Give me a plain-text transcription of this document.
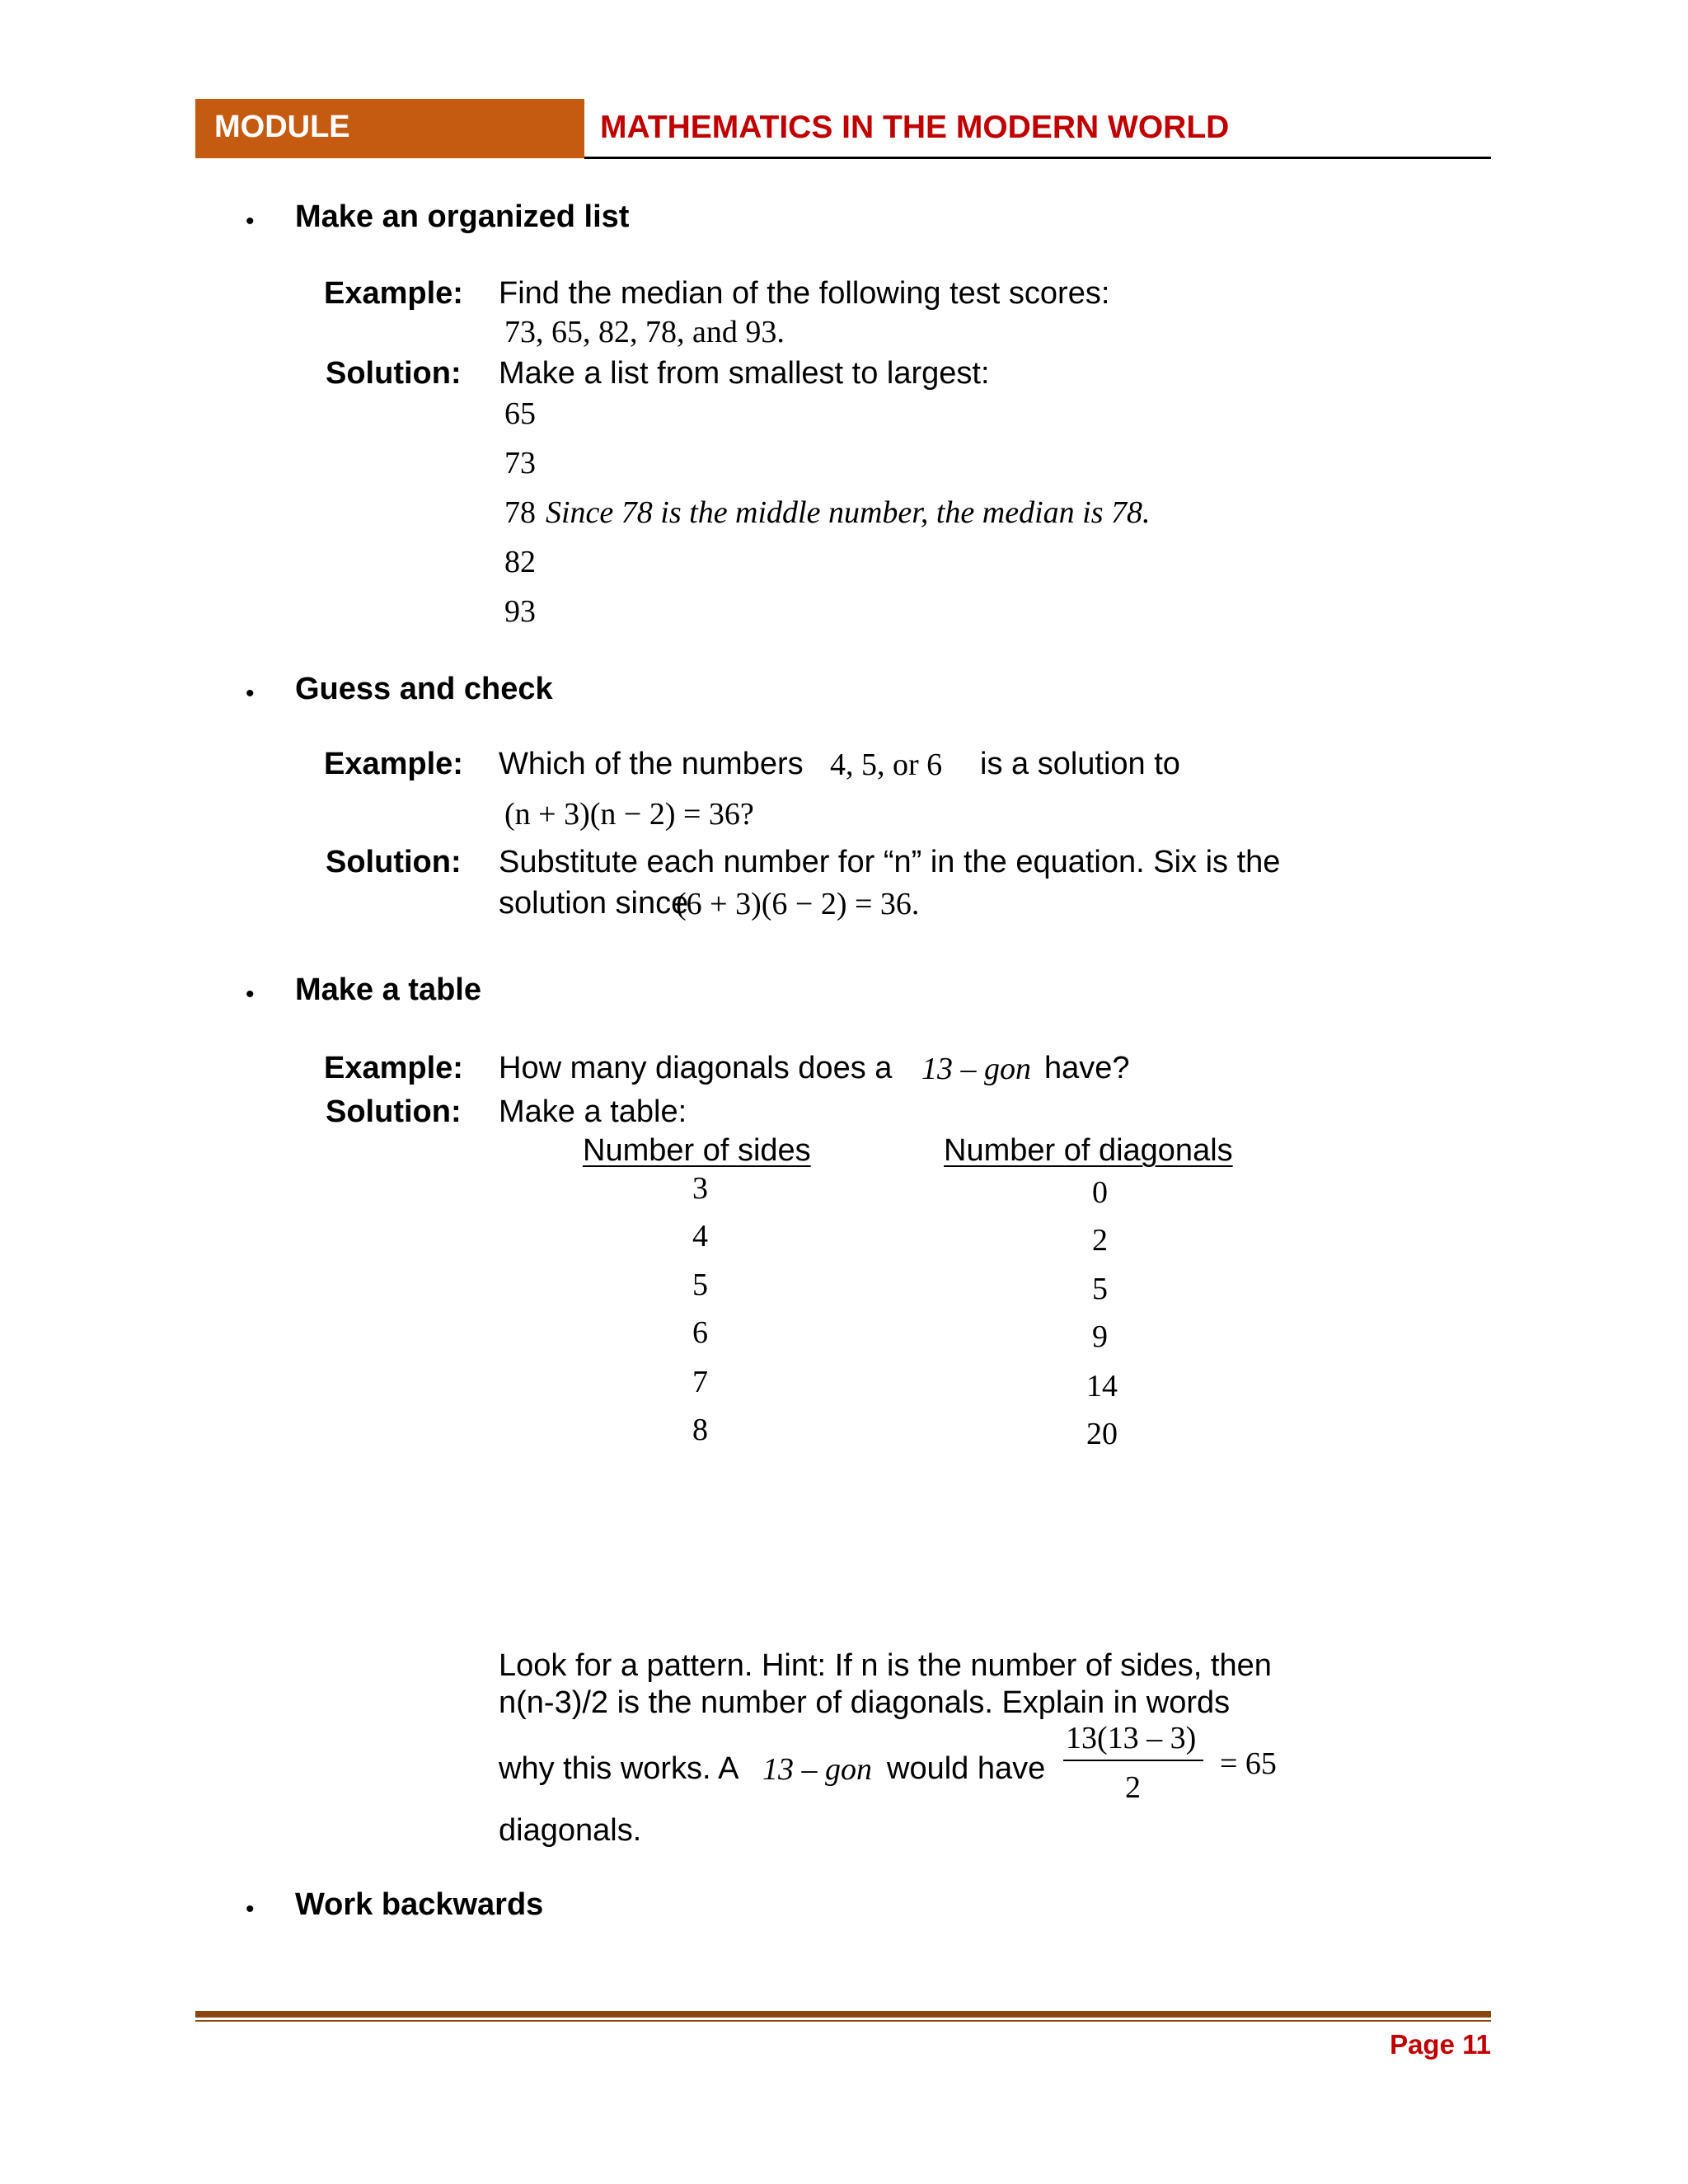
MODULE	MATHEMATICS IN THE MODERN WORLD
• Make an organized list
Example: Find the median of the following test scores:
73, 65, 82, 78, and 93.
Solution: Make a list from smallest to largest:
65
73
78 Since 78 is the middle number, the median is 78.
82
93
• Guess and check
Example: Which of the numbers 4, 5, or 6 is a solution to
(n + 3)(n − 2) = 36?
Solution: Substitute each number for “n” in the equation. Six is the
solution since
(6 + 3)(6 − 2) = 36.
• Make a table
Example: How many diagonals does a 13 – gon have?
Solution: Make a table:
Number of sides	Number of diagonals
3	0
4	2
5	5
6	9
7	14
8	20
Look for a pattern. Hint: If n is the number of sides, then
n(n-3)/2 is the number of diagonals. Explain in words
why this works. A 13 – gon would have
13(13 – 3)
2
= 65
diagonals.
• Work backwards
Page 11
